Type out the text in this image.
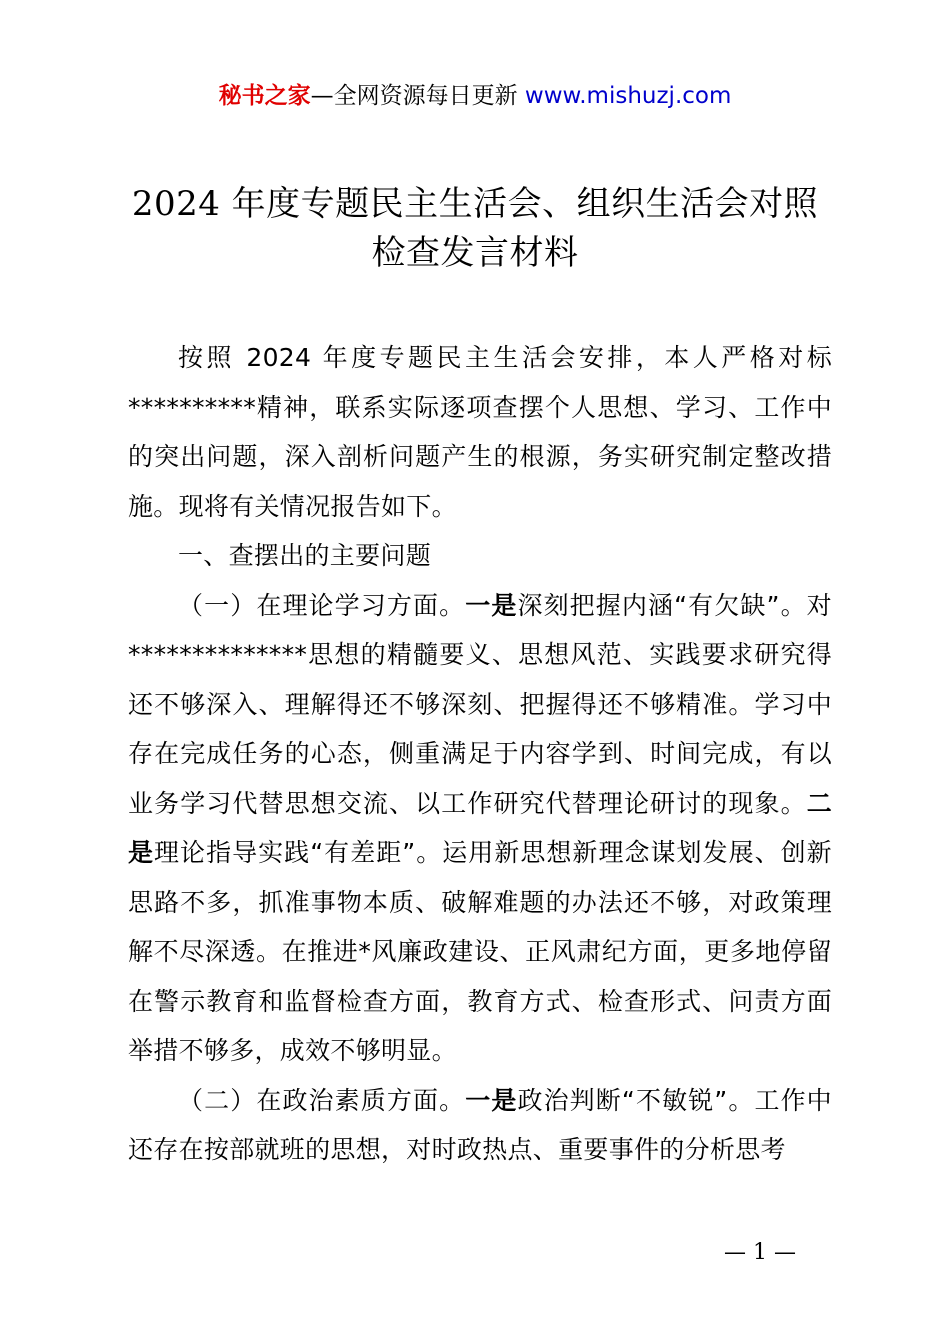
秘书之家—全网资源每日更新 www.mishuzj.com
2024 年度专题民主生活会、组织生活会对照
检查发言材料

按照 2024 年度专题民主生活会安排，本人严格对标**********精神，联系实际逐项查摆个人思想、学习、工作中的突出问题，深入剖析问题产生的根源，务实研究制定整改措施。现将有关情况报告如下。

一、查摆出的主要问题

（一）在理论学习方面。一是深刻把握内涵“有欠缺”。对**************思想的精髓要义、思想风范、实践要求研究得还不够深入、理解得还不够深刻、把握得还不够精准。学习中存在完成任务的心态，侧重满足于内容学到、时间完成，有以业务学习代替思想交流、以工作研究代替理论研讨的现象。二是理论指导实践“有差距”。运用新思想新理念谋划发展、创新思路不多，抓准事物本质、破解难题的办法还不够，对政策理解不尽深透。在推进*风廉政建设、正风肃纪方面，更多地停留在警示教育和监督检查方面，教育方式、检查形式、问责方面举措不够多，成效不够明显。

（二）在政治素质方面。一是政治判断“不敏锐”。工作中还存在按部就班的思想，对时政热点、重要事件的分析思考

— 1 —
